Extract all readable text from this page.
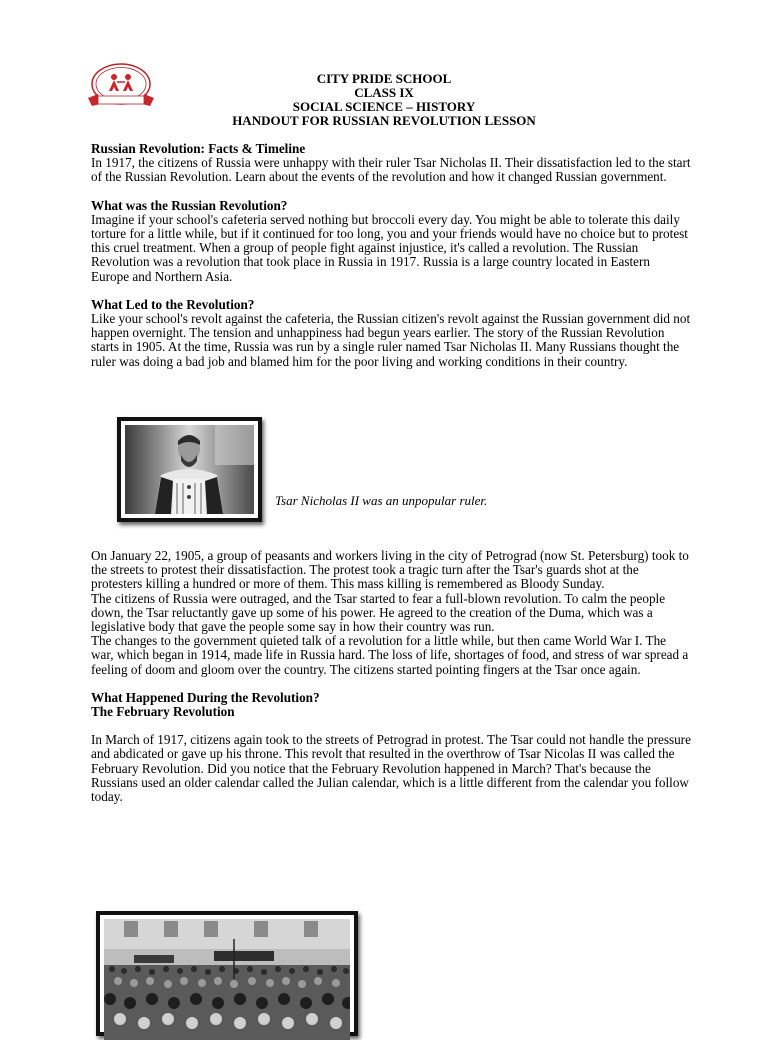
CITY PRIDE SCHOOL
CLASS IX
SOCIAL SCIENCE – HISTORY
HANDOUT FOR RUSSIAN REVOLUTION LESSON

Russian Revolution: Facts & Timeline

In 1917, the citizens of Russia were unhappy with their ruler Tsar Nicholas II. Their dissatisfaction led to the start of the Russian Revolution. Learn about the events of the revolution and how it changed Russian government.

What was the Russian Revolution?

Imagine if your school's cafeteria served nothing but broccoli every day. You might be able to tolerate this daily torture for a little while, but if it continued for too long, you and your friends would have no choice but to protest this cruel treatment. When a group of people fight against injustice, it's called a revolution. The Russian Revolution was a revolution that took place in Russia in 1917. Russia is a large country located in Eastern Europe and Northern Asia.

What Led to the Revolution?

Like your school's revolt against the cafeteria, the Russian citizen's revolt against the Russian government did not happen overnight. The tension and unhappiness had begun years earlier. The story of the Russian Revolution starts in 1905. At the time, Russia was run by a single ruler named Tsar Nicholas II. Many Russians thought the ruler was doing a bad job and blamed him for the poor living and working conditions in their country.

Tsar Nicholas II was an unpopular ruler.

On January 22, 1905, a group of peasants and workers living in the city of Petrograd (now St. Petersburg) took to the streets to protest their dissatisfaction. The protest took a tragic turn after the Tsar's guards shot at the protesters killing a hundred or more of them. This mass killing is remembered as Bloody Sunday.

The citizens of Russia were outraged, and the Tsar started to fear a full-blown revolution. To calm the people down, the Tsar reluctantly gave up some of his power. He agreed to the creation of the Duma, which was a legislative body that gave the people some say in how their country was run.

The changes to the government quieted talk of a revolution for a little while, but then came World War I. The war, which began in 1914, made life in Russia hard. The loss of life, shortages of food, and stress of war spread a feeling of doom and gloom over the country. The citizens started pointing fingers at the Tsar once again.

What Happened During the Revolution?

The February Revolution

In March of 1917, citizens again took to the streets of Petrograd in protest. The Tsar could not handle the pressure and abdicated or gave up his throne. This revolt that resulted in the overthrow of Tsar Nicolas II was called the February Revolution. Did you notice that the February Revolution happened in March? That's because the Russians used an older calendar called the Julian calendar, which is a little different from the calendar you follow today.
